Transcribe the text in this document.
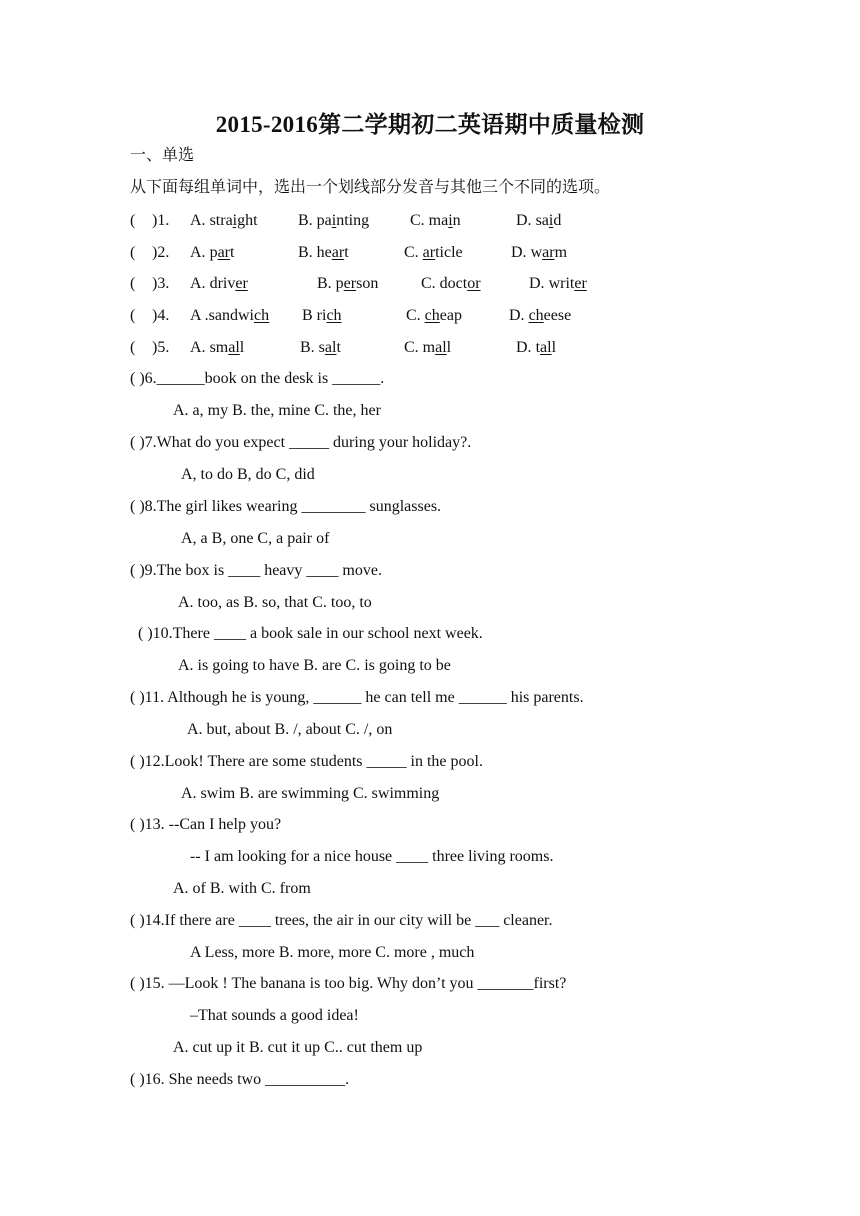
2015-2016第二学期初二英语期中质量检测
一、单选
从下面每组单词中，选出一个划线部分发音与其他三个不同的选项。
( )1. A. straight	B. painting	C. main	D. said
( )2. A. part	B. heart	C. article	D. warm
( )3. A. driver	B. person	C. doctor	D. writer
( )4. A .sandwich B rich	C. cheap	D. cheese
( )5. A. small	B. salt	C. mall	D. tall
( )6.______book on the desk is ______.
A. a, my B. the, mine C. the, her
( )7.What do you expect _____ during your holiday?.
A, to do B, do C, did
( )8.The girl likes wearing ________ sunglasses.
A, a B, one C, a pair of
( )9.The box is ____ heavy ____ move.
A. too, as B. so, that C. too, to
( )10.There ____ a book sale in our school next week.
A. is going to have B. are C. is going to be
( )11. Although he is young, ______ he can tell me ______ his parents.
A. but, about B. /, about C. /, on
( )12.Look! There are some students _____ in the pool.
A. swim B. are swimming C. swimming
( )13. --Can I help you?
-- I am looking for a nice house ____ three living rooms.
A. of B. with C. from
( )14.If there are ____ trees, the air in our city will be ___ cleaner.
A Less, more B. more, more C. more , much
( )15. —Look ! The banana is too big. Why don’t you _______first?
–That sounds a good idea!
A. cut up it B. cut it up C.. cut them up
( )16. She needs two __________.
